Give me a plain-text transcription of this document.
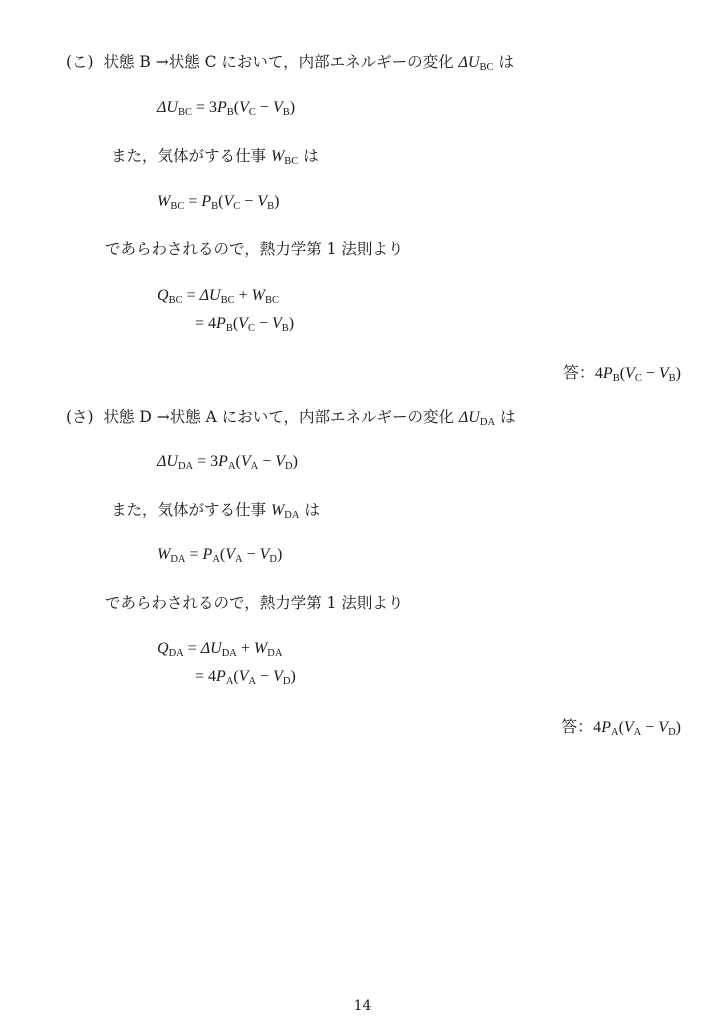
(こ) 状態 B →状態 C において，内部エネルギーの変化 $\Delta U_{BC}$ は
$\Delta U_{BC} = 3P_B(V_C - V_B)$
また，気体がする仕事 $W_{BC}$ は
$W_{BC} = P_B(V_C - V_B)$
であらわされるので，熱力学第 1 法則より
$Q_{BC} = \Delta U_{BC} + W_{BC}$
= $4P_B(V_C - V_B)$
答：$4P_B(V_C - V_B)$
(さ) 状態 D →状態 A において，内部エネルギーの変化 $\Delta U_{DA}$ は
$\Delta U_{DA} = 3P_A(V_A - V_D)$
また，気体がする仕事 $W_{DA}$ は
$W_{DA} = P_A(V_A - V_D)$
であらわされるので，熱力学第 1 法則より
$Q_{DA} = \Delta U_{DA} + W_{DA}$
= $4P_A(V_A - V_D)$
答：$4P_A(V_A - V_D)$
14
